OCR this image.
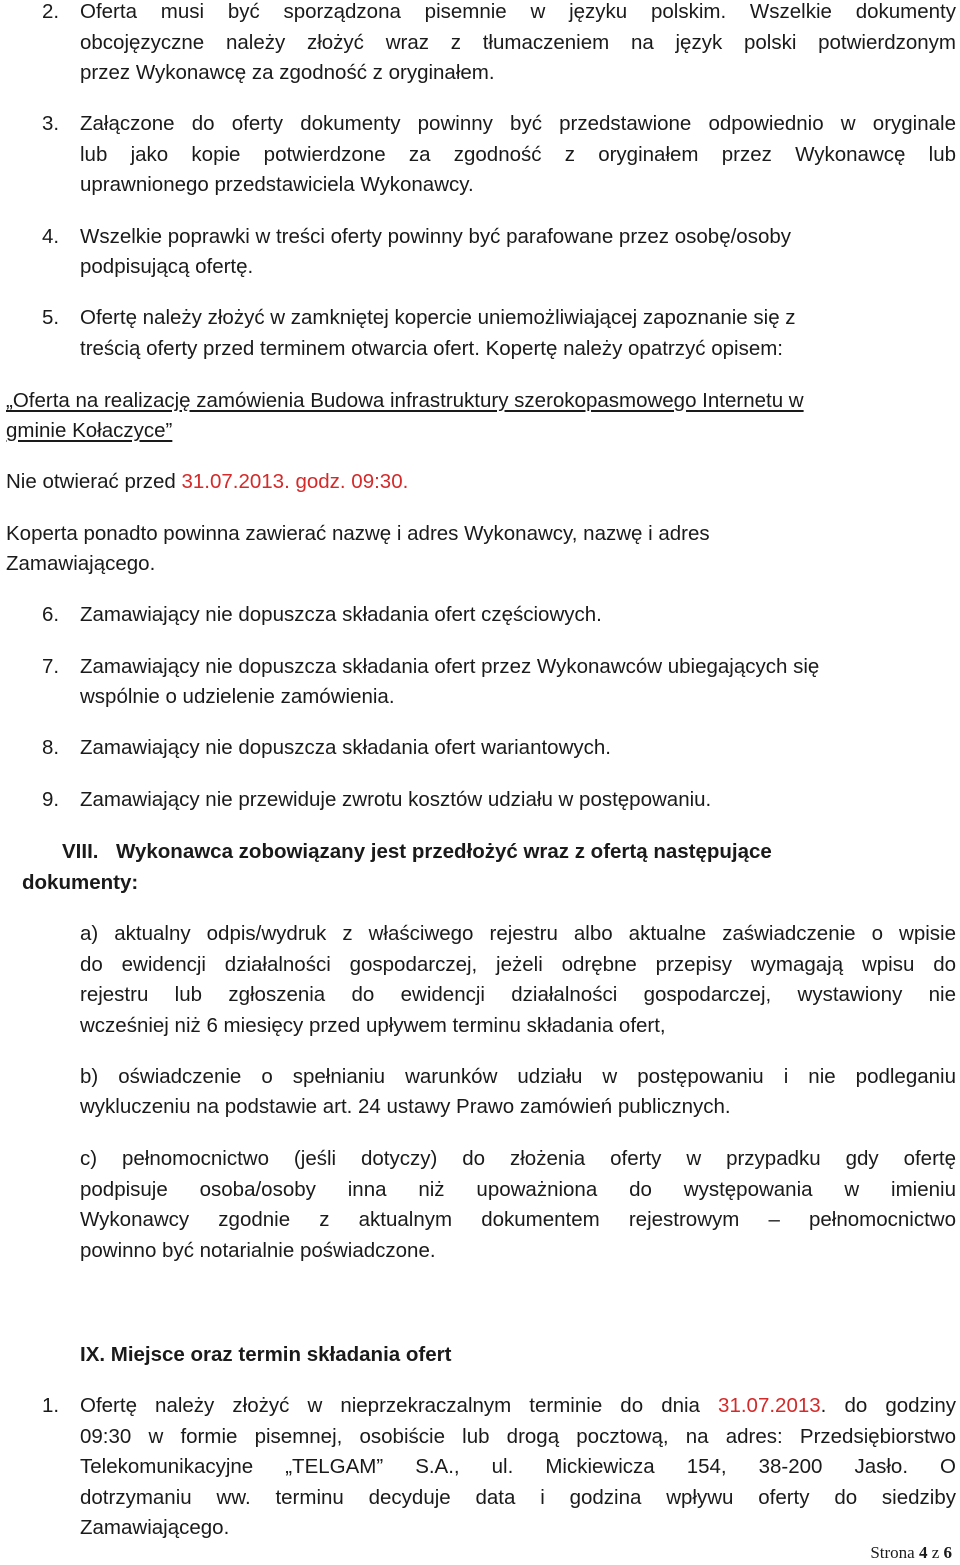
2. Oferta musi być sporządzona pisemnie w języku polskim. Wszelkie dokumenty
obcojęzyczne należy złożyć wraz z tłumaczeniem na język polski potwierdzonym
przez Wykonawcę za zgodność z oryginałem.
3. Załączone do oferty dokumenty powinny być przedstawione odpowiednio w oryginale
lub jako kopie potwierdzone za zgodność z oryginałem przez Wykonawcę lub
uprawnionego przedstawiciela Wykonawcy.
4. Wszelkie poprawki w treści oferty powinny być parafowane przez osobę/osoby
podpisującą ofertę.
5. Ofertę należy złożyć w zamkniętej kopercie uniemożliwiającej zapoznanie się z
treścią oferty przed terminem otwarcia ofert. Kopertę należy opatrzyć opisem:
„Oferta na realizację zamówienia Budowa infrastruktury szerokopasmowego Internetu w
gminie Kołaczyce”
Nie otwierać przed 31.07.2013. godz. 09:30.
Koperta ponadto powinna zawierać nazwę i adres Wykonawcy, nazwę i adres
Zamawiającego.
6. Zamawiający nie dopuszcza składania ofert częściowych.
7. Zamawiający nie dopuszcza składania ofert przez Wykonawców ubiegających się
wspólnie o udzielenie zamówienia.
8. Zamawiający nie dopuszcza składania ofert wariantowych.
9. Zamawiający nie przewiduje zwrotu kosztów udziału w postępowaniu.
VIII. Wykonawca zobowiązany jest przedłożyć wraz z ofertą następujące
dokumenty:
a) aktualny odpis/wydruk z właściwego rejestru albo aktualne zaświadczenie o wpisie
do ewidencji działalności gospodarczej, jeżeli odrębne przepisy wymagają wpisu do
rejestru lub zgłoszenia do ewidencji działalności gospodarczej, wystawiony nie
wcześniej niż 6 miesięcy przed upływem terminu składania ofert,
b) oświadczenie o spełnianiu warunków udziału w postępowaniu i nie podleganiu
wykluczeniu na podstawie art. 24 ustawy Prawo zamówień publicznych.
c) pełnomocnictwo (jeśli dotyczy) do złożenia oferty w przypadku gdy ofertę
podpisuje osoba/osoby inna niż upoważniona do występowania w imieniu
Wykonawcy zgodnie z aktualnym dokumentem rejestrowym – pełnomocnictwo
powinno być notarialnie poświadczone.
IX. Miejsce oraz termin składania ofert
1. Ofertę należy złożyć w nieprzekraczalnym terminie do dnia 31.07.2013. do godziny
09:30 w formie pisemnej, osobiście lub drogą pocztową, na adres: Przedsiębiorstwo
Telekomunikacyjne „TELGAM” S.A., ul. Mickiewicza 154, 38-200 Jasło. O
dotrzymaniu ww. terminu decyduje data i godzina wpływu oferty do siedziby
Zamawiającego.
Strona 4 z 6
